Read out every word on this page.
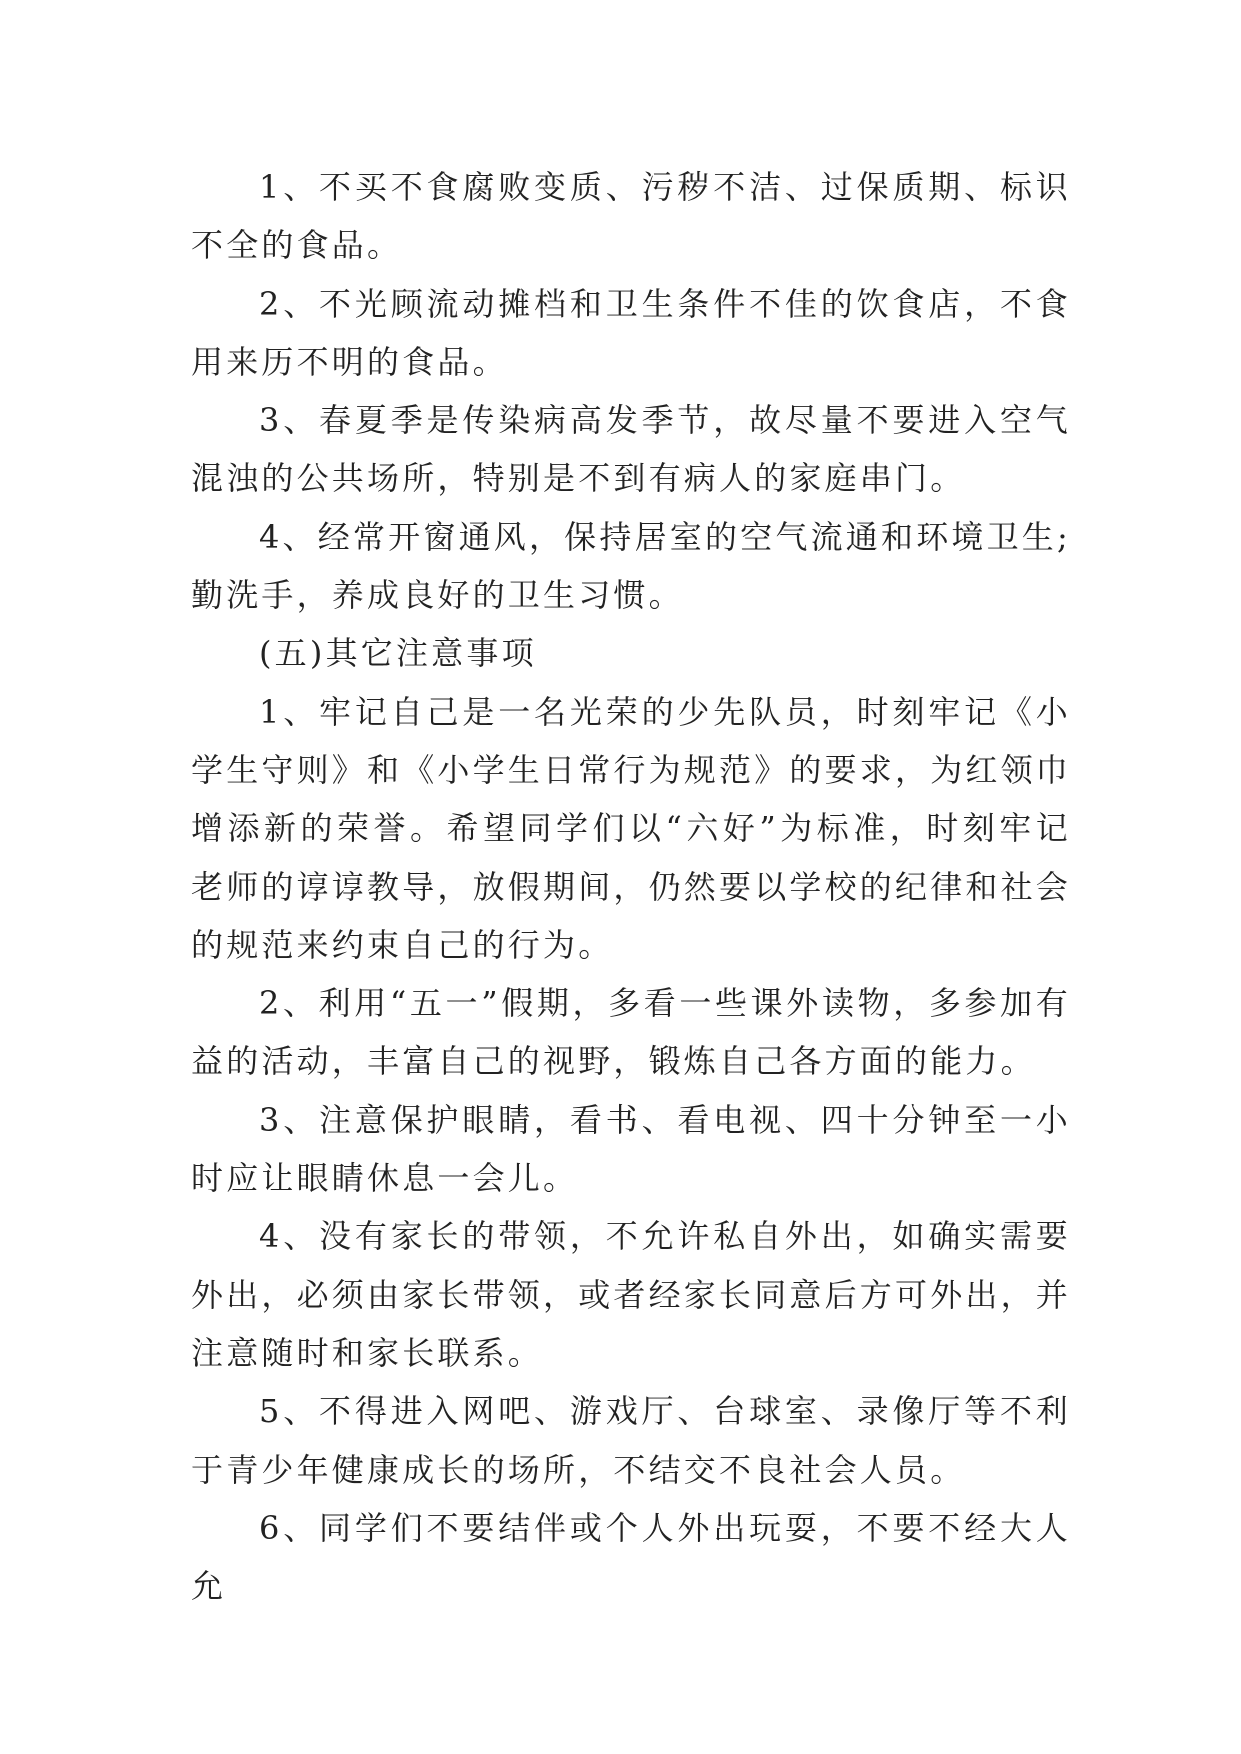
1、不买不食腐败变质、污秽不洁、过保质期、标识不全的食品。

2、不光顾流动摊档和卫生条件不佳的饮食店，不食用来历不明的食品。

3、春夏季是传染病高发季节，故尽量不要进入空气混浊的公共场所，特别是不到有病人的家庭串门。

4、经常开窗通风，保持居室的空气流通和环境卫生;勤洗手，养成良好的卫生习惯。

(五)其它注意事项

1、牢记自己是一名光荣的少先队员，时刻牢记《小学生守则》和《小学生日常行为规范》的要求，为红领巾增添新的荣誉。希望同学们以“六好”为标准，时刻牢记老师的谆谆教导，放假期间，仍然要以学校的纪律和社会的规范来约束自己的行为。

2、利用“五一”假期，多看一些课外读物，多参加有益的活动，丰富自己的视野，锻炼自己各方面的能力。

3、注意保护眼睛，看书、看电视、四十分钟至一小时应让眼睛休息一会儿。

4、没有家长的带领，不允许私自外出，如确实需要外出，必须由家长带领，或者经家长同意后方可外出，并注意随时和家长联系。

5、不得进入网吧、游戏厅、台球室、录像厅等不利于青少年健康成长的场所，不结交不良社会人员。

6、同学们不要结伴或个人外出玩耍，不要不经大人允
